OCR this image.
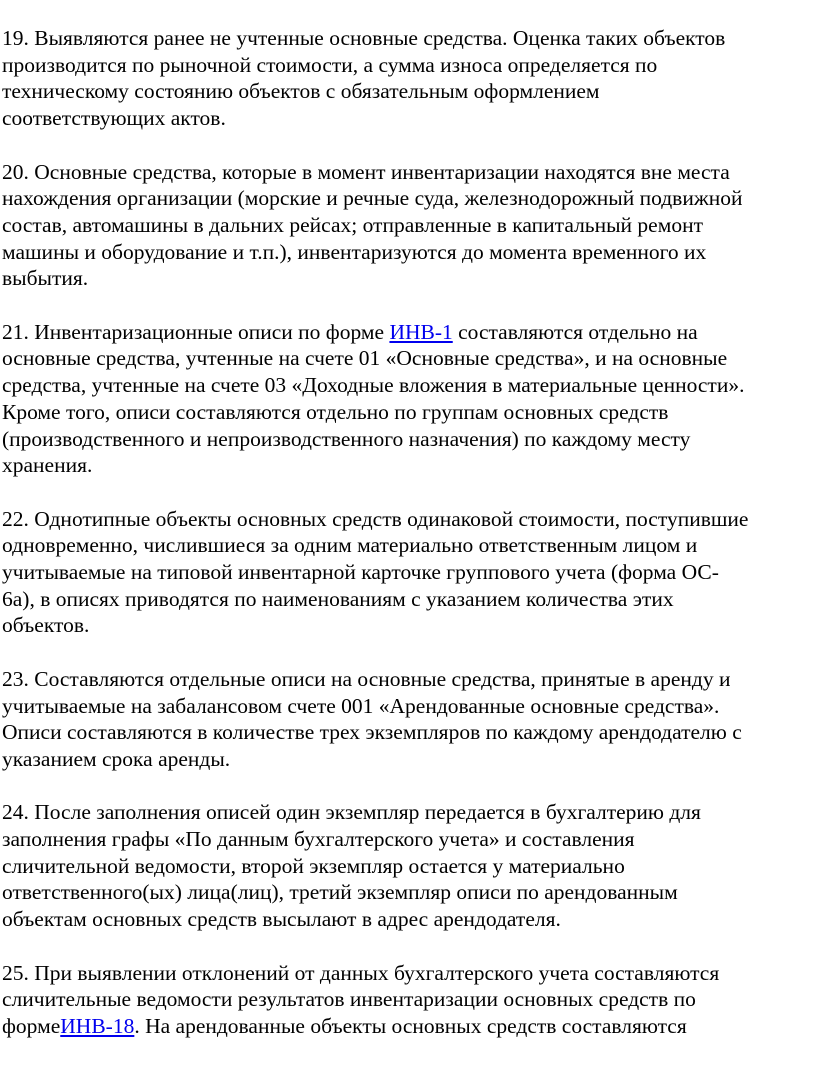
19. Выявляются ранее не учтенные основные средства. Оценка таких объектов
производится по рыночной стоимости, а сумма износа определяется по
техническому состоянию объектов с обязательным оформлением
соответствующих актов.
20. Основные средства, которые в момент инвентаризации находятся вне места
нахождения организации (морские и речные суда, железнодорожный подвижной
состав, автомашины в дальних рейсах; отправленные в капитальный ремонт
машины и оборудование и т.п.), инвентаризуются до момента временного их
выбытия.
21. Инвентаризационные описи по форме ИНВ-1 составляются отдельно на
основные средства, учтенные на счете 01 «Основные средства», и на основные
средства, учтенные на счете 03 «Доходные вложения в материальные ценности».
Кроме того, описи составляются отдельно по группам основных средств
(производственного и непроизводственного назначения) по каждому месту
хранения.
22. Однотипные объекты основных средств одинаковой стоимости, поступившие
одновременно, числившиеся за одним материально ответственным лицом и
учитываемые на типовой инвентарной карточке группового учета (форма ОС-
6а), в описях приводятся по наименованиям с указанием количества этих
объектов.
23. Составляются отдельные описи на основные средства, принятые в аренду и
учитываемые на забалансовом счете 001 «Арендованные основные средства».
Описи составляются в количестве трех экземпляров по каждому арендодателю с
указанием срока аренды.
24. После заполнения описей один экземпляр передается в бухгалтерию для
заполнения графы «По данным бухгалтерского учета» и составления
сличительной ведомости, второй экземпляр остается у материально
ответственного(ых) лица(лиц), третий экземпляр описи по арендованным
объектам основных средств высылают в адрес арендодателя.
25. При выявлении отклонений от данных бухгалтерского учета составляются
сличительные ведомости результатов инвентаризации основных средств по
формеИНВ-18. На арендованные объекты основных средств составляются
